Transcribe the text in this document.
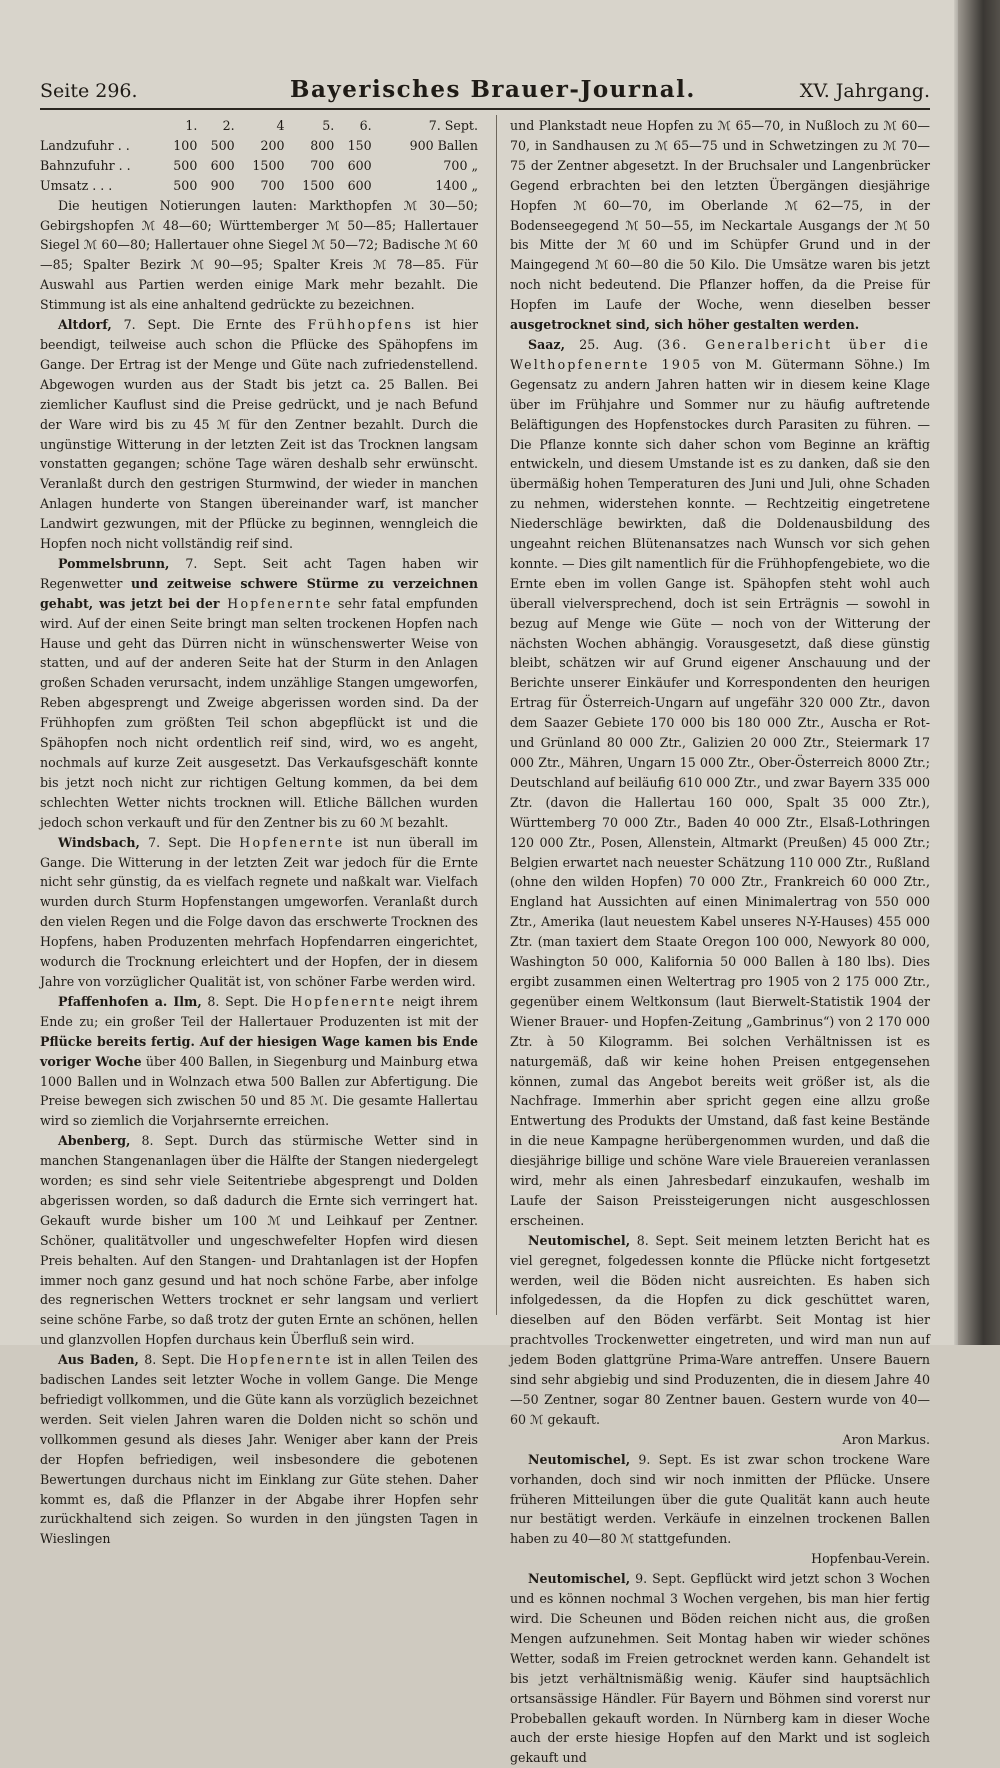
Seite 296.	Bayerisches Brauer-Journal.	XV. Jahrgang.
	1.	2.	4	5.	6.	7. Sept.
Landzufuhr . .	100	500	200	800	150	900 Ballen
Bahnzufuhr . .	500	600	1500	700	600	700 „
Umsatz . . .	500	900	700	1500	600	1400 „

Die heutigen Notierungen lauten: Markthopfen ℳ 30—50; Gebirgshopfen ℳ 48—60; Württemberger ℳ 50—85; Hallertauer Siegel ℳ 60—80; Hallertauer ohne Siegel ℳ 50—72; Badische ℳ 60—85; Spalter Bezirk ℳ 90—95; Spalter Kreis ℳ 78—85. Für Auswahl aus Partien werden einige Mark mehr bezahlt. Die Stimmung ist als eine anhaltend gedrückte zu bezeichnen.

Altdorf, 7. Sept. Die Ernte des Frühhopfens ist hier beendigt, teilweise auch schon die Pflücke des Spähopfens im Gange. Der Ertrag ist der Menge und Güte nach zufriedenstellend. Abgewogen wurden aus der Stadt bis jetzt ca. 25 Ballen. Bei ziemlicher Kauflust sind die Preise gedrückt, und je nach Befund der Ware wird bis zu 45 ℳ für den Zentner bezahlt. Durch die ungünstige Witterung in der letzten Zeit ist das Trocknen langsam vonstatten gegangen; schöne Tage wären deshalb sehr erwünscht. Veranlaßt durch den gestrigen Sturmwind, der wieder in manchen Anlagen hunderte von Stangen übereinander warf, ist mancher Landwirt gezwungen, mit der Pflücke zu beginnen, wenngleich die Hopfen noch nicht vollständig reif sind.

Pommelsbrunn, 7. Sept. Seit acht Tagen haben wir Regenwetter und zeitweise schwere Stürme zu verzeichnen gehabt, was jetzt bei der Hopfenernte sehr fatal empfunden wird. Auf der einen Seite bringt man selten trockenen Hopfen nach Hause und geht das Dürren nicht in wünschenswerter Weise von statten, und auf der anderen Seite hat der Sturm in den Anlagen großen Schaden verursacht, indem unzählige Stangen umgeworfen, Reben abgesprengt und Zweige abgerissen worden sind. Da der Frühhopfen zum größten Teil schon abgepflückt ist und die Spähopfen noch nicht ordentlich reif sind, wird, wo es angeht, nochmals auf kurze Zeit ausgesetzt. Das Verkaufsgeschäft konnte bis jetzt noch nicht zur richtigen Geltung kommen, da bei dem schlechten Wetter nichts trocknen will. Etliche Bällchen wurden jedoch schon verkauft und für den Zentner bis zu 60 ℳ bezahlt.

Windsbach, 7. Sept. Die Hopfenernte ist nun überall im Gange. Die Witterung in der letzten Zeit war jedoch für die Ernte nicht sehr günstig, da es vielfach regnete und naßkalt war. Vielfach wurden durch Sturm Hopfenstangen umgeworfen. Veranlaßt durch den vielen Regen und die Folge davon das erschwerte Trocknen des Hopfens, haben Produzenten mehrfach Hopfendarren eingerichtet, wodurch die Trocknung erleichtert und der Hopfen, der in diesem Jahre von vorzüglicher Qualität ist, von schöner Farbe werden wird.

Pfaffenhofen a. Ilm, 8. Sept. Die Hopfenernte neigt ihrem Ende zu; ein großer Teil der Hallertauer Produzenten ist mit der Pflücke bereits fertig. Auf der hiesigen Wage kamen bis Ende voriger Woche über 400 Ballen, in Siegenburg und Mainburg etwa 1000 Ballen und in Wolnzach etwa 500 Ballen zur Abfertigung. Die Preise bewegen sich zwischen 50 und 85 ℳ. Die gesamte Hallertau wird so ziemlich die Vorjahrsernte erreichen.

Abenberg, 8. Sept. Durch das stürmische Wetter sind in manchen Stangenanlagen über die Hälfte der Stangen niedergelegt worden; es sind sehr viele Seitentriebe abgesprengt und Dolden abgerissen worden, so daß dadurch die Ernte sich verringert hat. Gekauft wurde bisher um 100 ℳ und Leihkauf per Zentner. Schöner, qualitätvoller und ungeschwefelter Hopfen wird diesen Preis behalten. Auf den Stangen- und Drahtanlagen ist der Hopfen immer noch ganz gesund und hat noch schöne Farbe, aber infolge des regnerischen Wetters trocknet er sehr langsam und verliert seine schöne Farbe, so daß trotz der guten Ernte an schönen, hellen und glanzvollen Hopfen durchaus kein Überfluß sein wird.

Aus Baden, 8. Sept. Die Hopfenernte ist in allen Teilen des badischen Landes seit letzter Woche in vollem Gange. Die Menge befriedigt vollkommen, und die Güte kann als vorzüglich bezeichnet werden. Seit vielen Jahren waren die Dolden nicht so schön und vollkommen gesund als dieses Jahr. Weniger aber kann der Preis der Hopfen befriedigen, weil insbesondere die gebotenen Bewertungen durchaus nicht im Einklang zur Güte stehen. Daher kommt es, daß die Pflanzer in der Abgabe ihrer Hopfen sehr zurückhaltend sich zeigen. So wurden in den jüngsten Tagen in Wieslingen

und Plankstadt neue Hopfen zu ℳ 65—70, in Nußloch zu ℳ 60—70, in Sandhausen zu ℳ 65—75 und in Schwetzingen zu ℳ 70—75 der Zentner abgesetzt. In der Bruchsaler und Langenbrücker Gegend erbrachten bei den letzten Übergängen diesjährige Hopfen ℳ 60—70, im Oberlande ℳ 62—75, in der Bodenseegegend ℳ 50—55, im Neckartale Ausgangs der ℳ 50 bis Mitte der ℳ 60 und im Schüpfer Grund und in der Maingegend ℳ 60—80 die 50 Kilo. Die Umsätze waren bis jetzt noch nicht bedeutend. Die Pflanzer hoffen, da die Preise für Hopfen im Laufe der Woche, wenn dieselben besser ausgetrocknet sind, sich höher gestalten werden.

Saaz, 25. Aug. (36. Generalbericht über die Welthopfenernte 1905 von M. Gütermann Söhne.) Im Gegensatz zu andern Jahren hatten wir in diesem keine Klage über im Frühjahre und Sommer nur zu häufig auftretende Beläftigungen des Hopfenstockes durch Parasiten zu führen. — Die Pflanze konnte sich daher schon vom Beginne an kräftig entwickeln, und diesem Umstande ist es zu danken, daß sie den übermäßig hohen Temperaturen des Juni und Juli, ohne Schaden zu nehmen, widerstehen konnte. — Rechtzeitig eingetretene Niederschläge bewirkten, daß die Doldenausbildung des ungeahnt reichen Blütenansatzes nach Wunsch vor sich gehen konnte. — Dies gilt namentlich für die Frühhopfengebiete, wo die Ernte eben im vollen Gange ist. Spähopfen steht wohl auch überall vielversprechend, doch ist sein Erträgnis — sowohl in bezug auf Menge wie Güte — noch von der Witterung der nächsten Wochen abhängig. Vorausgesetzt, daß diese günstig bleibt, schätzen wir auf Grund eigener Anschauung und der Berichte unserer Einkäufer und Korrespondenten den heurigen Ertrag für Österreich-Ungarn auf ungefähr 320 000 Ztr., davon dem Saazer Gebiete 170 000 bis 180 000 Ztr., Auscha er Rot- und Grünland 80 000 Ztr., Galizien 20 000 Ztr., Steiermark 17 000 Ztr., Mähren, Ungarn 15 000 Ztr., Ober-Österreich 8000 Ztr.; Deutschland auf beiläufig 610 000 Ztr., und zwar Bayern 335 000 Ztr. (davon die Hallertau 160 000, Spalt 35 000 Ztr.), Württemberg 70 000 Ztr., Baden 40 000 Ztr., Elsaß-Lothringen 120 000 Ztr., Posen, Allenstein, Altmarkt (Preußen) 45 000 Ztr.; Belgien erwartet nach neuester Schätzung 110 000 Ztr., Rußland (ohne den wilden Hopfen) 70 000 Ztr., Frankreich 60 000 Ztr., England hat Aussichten auf einen Minimalertrag von 550 000 Ztr., Amerika (laut neuestem Kabel unseres N-Y-Hauses) 455 000 Ztr. (man taxiert dem Staate Oregon 100 000, Newyork 80 000, Washington 50 000, Kalifornia 50 000 Ballen à 180 lbs). Dies ergibt zusammen einen Weltertrag pro 1905 von 2 175 000 Ztr., gegenüber einem Weltkonsum (laut Bierwelt-Statistik 1904 der Wiener Brauer- und Hopfen-Zeitung „Gambrinus“) von 2 170 000 Ztr. à 50 Kilogramm. Bei solchen Verhältnissen ist es naturgemäß, daß wir keine hohen Preisen entgegensehen können, zumal das Angebot bereits weit größer ist, als die Nachfrage. Immerhin aber spricht gegen eine allzu große Entwertung des Produkts der Umstand, daß fast keine Bestände in die neue Kampagne herübergenommen wurden, und daß die diesjährige billige und schöne Ware viele Brauereien veranlassen wird, mehr als einen Jahresbedarf einzukaufen, weshalb im Laufe der Saison Preissteigerungen nicht ausgeschlossen erscheinen.

Neutomischel, 8. Sept. Seit meinem letzten Bericht hat es viel geregnet, folgedessen konnte die Pflücke nicht fortgesetzt werden, weil die Böden nicht ausreichten. Es haben sich infolgedessen, da die Hopfen zu dick geschüttet waren, dieselben auf den Böden verfärbt. Seit Montag ist hier prachtvolles Trockenwetter eingetreten, und wird man nun auf jedem Boden glattgrüne Prima-Ware antreffen. Unsere Bauern sind sehr abgiebig und sind Produzenten, die in diesem Jahre 40—50 Zentner, sogar 80 Zentner bauen. Gestern wurde von 40—60 ℳ gekauft.

Aron Markus.

Neutomischel, 9. Sept. Es ist zwar schon trockene Ware vorhanden, doch sind wir noch inmitten der Pflücke. Unsere früheren Mitteilungen über die gute Qualität kann auch heute nur bestätigt werden. Verkäufe in einzelnen trockenen Ballen haben zu 40—80 ℳ stattgefunden.

Hopfenbau-Verein.

Neutomischel, 9. Sept. Gepflückt wird jetzt schon 3 Wochen und es können nochmal 3 Wochen vergehen, bis man hier fertig wird. Die Scheunen und Böden reichen nicht aus, die großen Mengen aufzunehmen. Seit Montag haben wir wieder schönes Wetter, sodaß im Freien getrocknet werden kann. Gehandelt ist bis jetzt verhältnismäßig wenig. Käufer sind hauptsächlich ortsansässige Händler. Für Bayern und Böhmen sind vorerst nur Probeballen gekauft worden. In Nürnberg kam in dieser Woche auch der erste hiesige Hopfen auf den Markt und ist sogleich gekauft und
